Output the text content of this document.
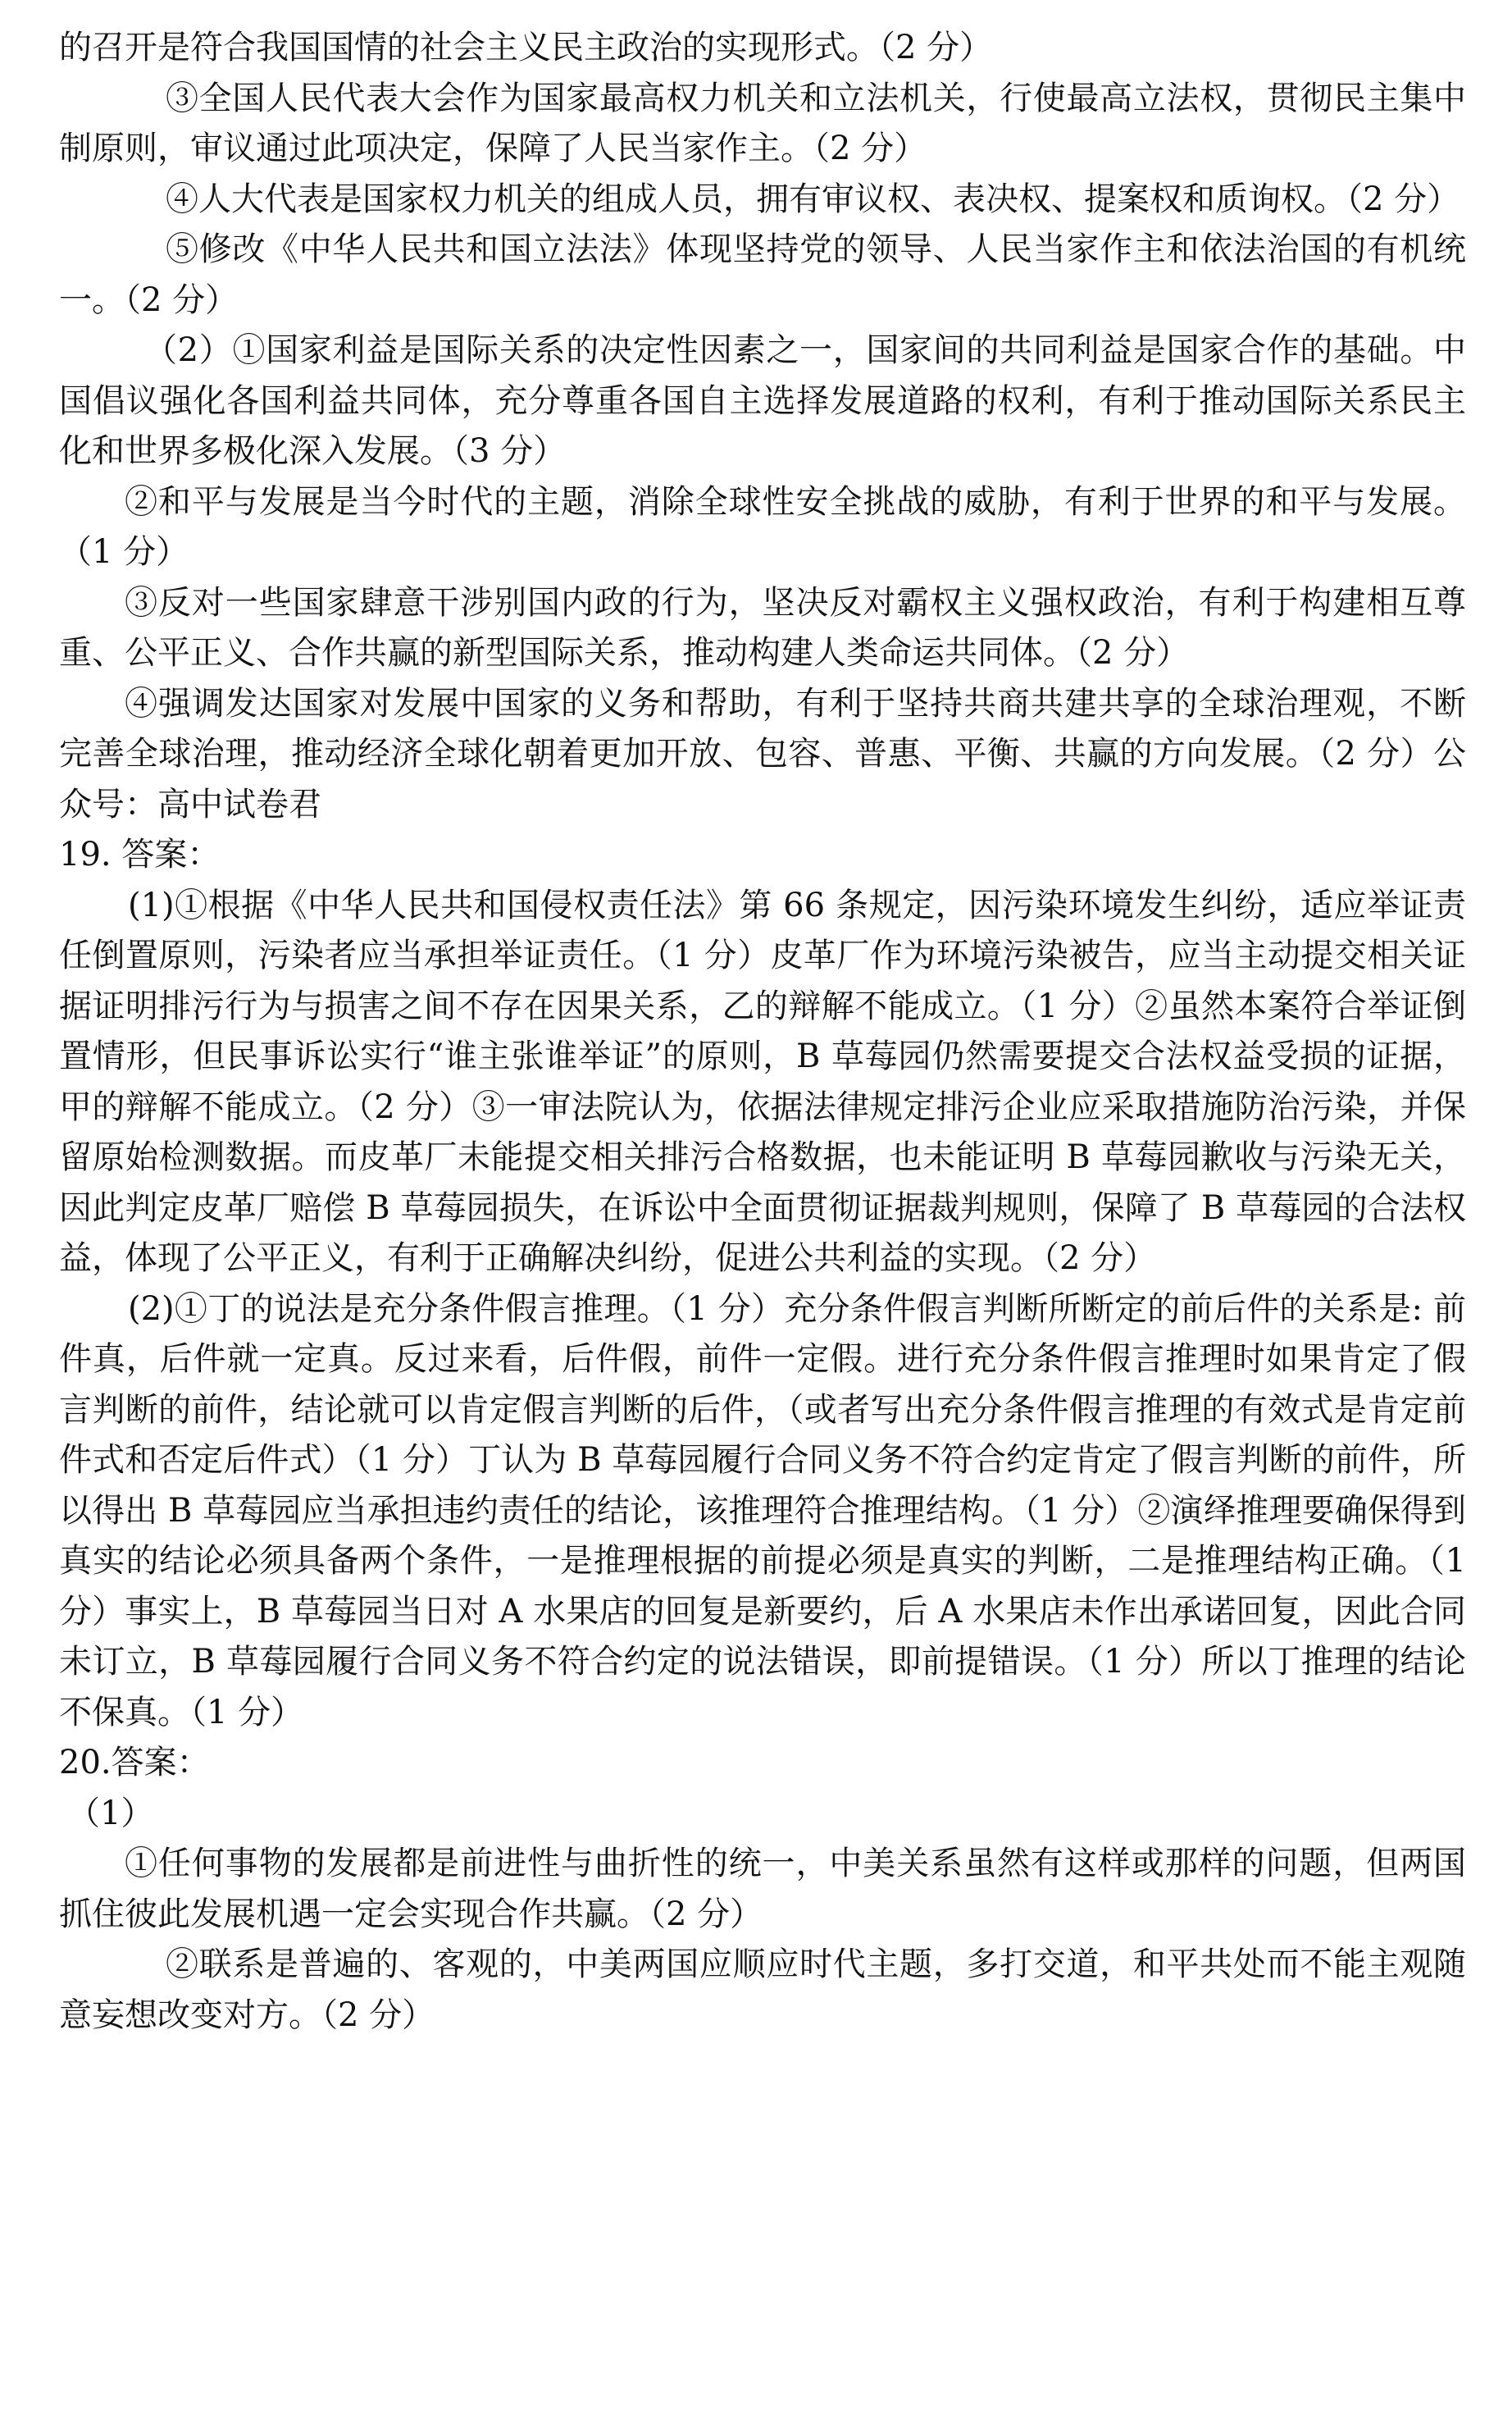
的召开是符合我国国情的社会主义民主政治的实现形式。（2 分）

③全国人民代表大会作为国家最高权力机关和立法机关，行使最高立法权，贯彻民主集中制原则，审议通过此项决定，保障了人民当家作主。（2 分）

④人大代表是国家权力机关的组成人员，拥有审议权、表决权、提案权和质询权。（2 分）

⑤修改《中华人民共和国立法法》体现坚持党的领导、人民当家作主和依法治国的有机统一。（2 分）

（2）①国家利益是国际关系的决定性因素之一，国家间的共同利益是国家合作的基础。中国倡议强化各国利益共同体，充分尊重各国自主选择发展道路的权利，有利于推动国际关系民主化和世界多极化深入发展。（3 分）

②和平与发展是当今时代的主题，消除全球性安全挑战的威胁，有利于世界的和平与发展。（1 分）

③反对一些国家肆意干涉别国内政的行为，坚决反对霸权主义强权政治，有利于构建相互尊重、公平正义、合作共赢的新型国际关系，推动构建人类命运共同体。（2 分）

④强调发达国家对发展中国家的义务和帮助，有利于坚持共商共建共享的全球治理观，不断完善全球治理，推动经济全球化朝着更加开放、包容、普惠、平衡、共赢的方向发展。（2 分）公众号：高中试卷君

19. 答案：

(1)①根据《中华人民共和国侵权责任法》第 66 条规定，因污染环境发生纠纷，适应举证责任倒置原则，污染者应当承担举证责任。（1 分）皮革厂作为环境污染被告，应当主动提交相关证据证明排污行为与损害之间不存在因果关系，乙的辩解不能成立。（1 分）②虽然本案符合举证倒置情形，但民事诉讼实行“谁主张谁举证”的原则，B 草莓园仍然需要提交合法权益受损的证据，甲的辩解不能成立。（2 分）③一审法院认为，依据法律规定排污企业应采取措施防治污染，并保留原始检测数据。而皮革厂未能提交相关排污合格数据，也未能证明 B 草莓园歉收与污染无关，因此判定皮革厂赔偿 B 草莓园损失，在诉讼中全面贯彻证据裁判规则，保障了 B 草莓园的合法权益，体现了公平正义，有利于正确解决纠纷，促进公共利益的实现。（2 分）

(2)①丁的说法是充分条件假言推理。（1 分）充分条件假言判断所断定的前后件的关系是: 前件真，后件就一定真。反过来看，后件假，前件一定假。进行充分条件假言推理时如果肯定了假言判断的前件，结论就可以肯定假言判断的后件，（或者写出充分条件假言推理的有效式是肯定前件式和否定后件式）（1 分）丁认为 B 草莓园履行合同义务不符合约定肯定了假言判断的前件，所以得出 B 草莓园应当承担违约责任的结论，该推理符合推理结构。（1 分）②演绎推理要确保得到真实的结论必须具备两个条件，一是推理根据的前提必须是真实的判断，二是推理结构正确。（1 分）事实上，B 草莓园当日对 A 水果店的回复是新要约，后 A 水果店未作出承诺回复，因此合同未订立，B 草莓园履行合同义务不符合约定的说法错误，即前提错误。（1 分）所以丁推理的结论不保真。（1 分）

20.答案：

（1）

①任何事物的发展都是前进性与曲折性的统一，中美关系虽然有这样或那样的问题，但两国抓住彼此发展机遇一定会实现合作共赢。（2 分）

②联系是普遍的、客观的，中美两国应顺应时代主题，多打交道，和平共处而不能主观随意妄想改变对方。（2 分）
